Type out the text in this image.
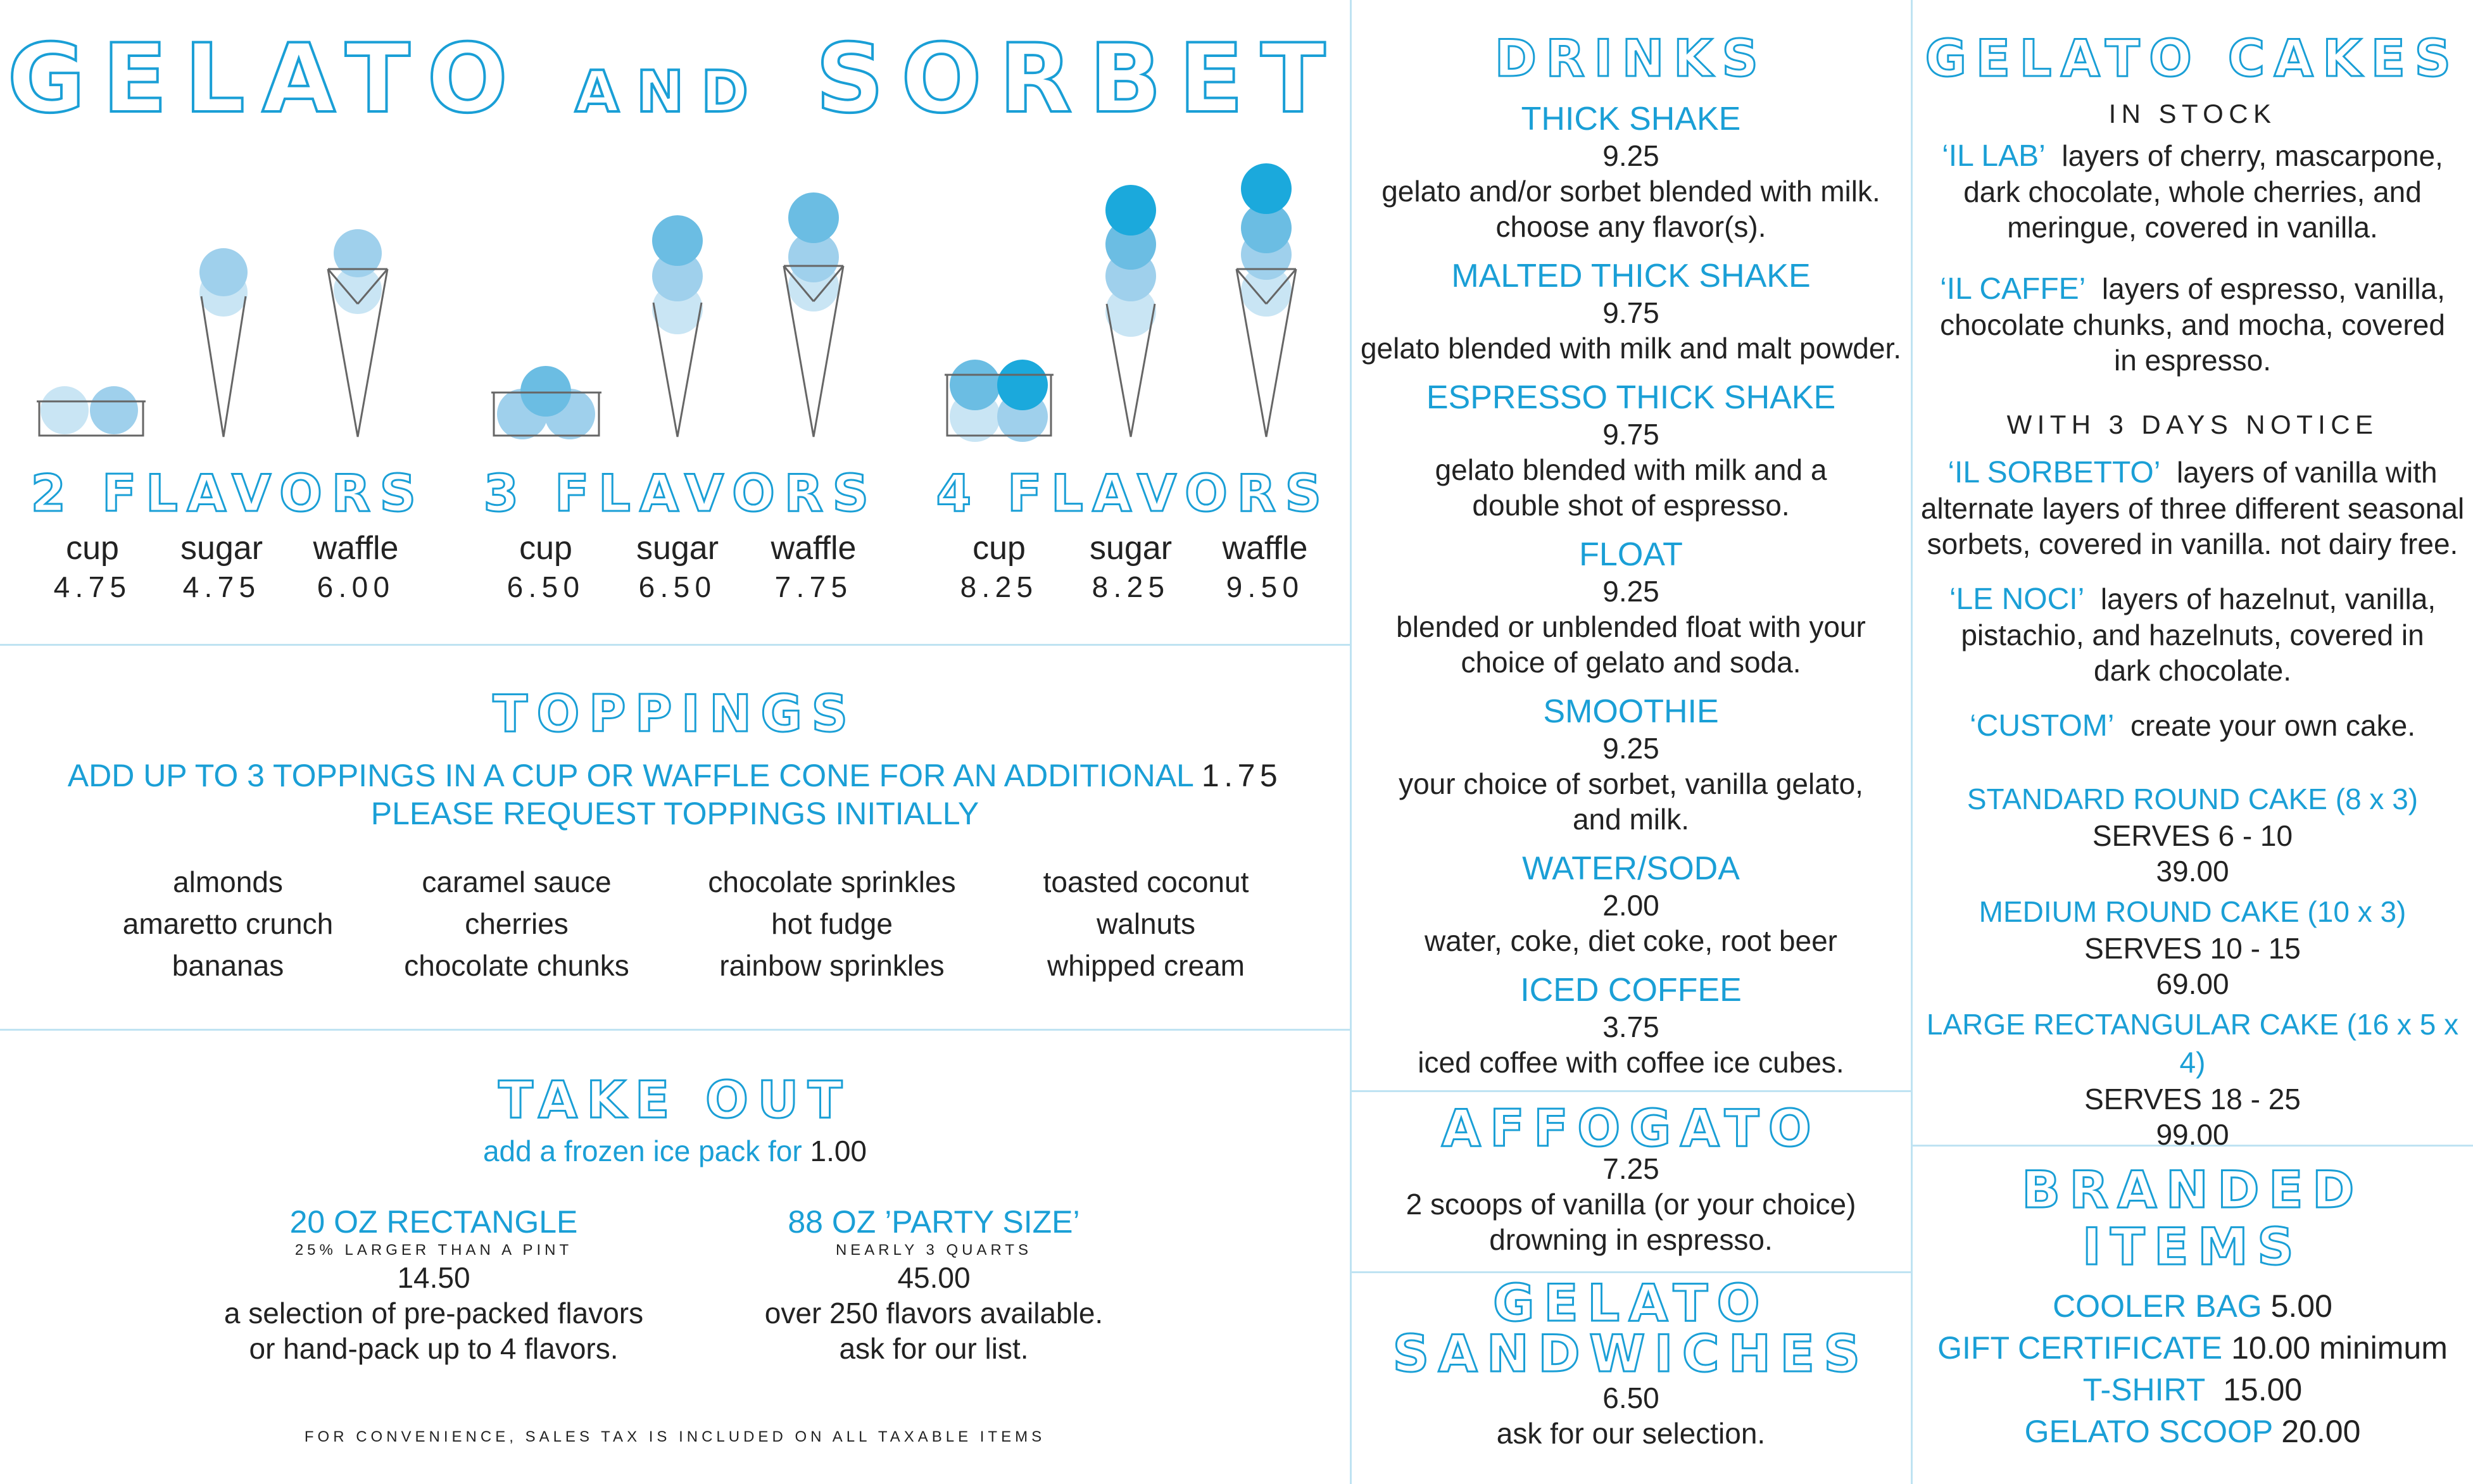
GELATO AND SORBET
2 FLAVORS
cup
4.75
sugar
4.75
waffle
6.00
3 FLAVORS
cup
6.50
sugar
6.50
waffle
7.75
4 FLAVORS
cup
8.25
sugar
8.25
waffle
9.50
TOPPINGS
ADD UP TO 3 TOPPINGS IN A CUP OR WAFFLE CONE FOR AN ADDITIONAL 1.75
PLEASE REQUEST TOPPINGS INITIALLY
almonds
amaretto crunch
bananas
caramel sauce
cherries
chocolate chunks
chocolate sprinkles
hot fudge
rainbow sprinkles
toasted coconut
walnuts
whipped cream
TAKE OUT
add a frozen ice pack for 1.00
20 OZ RECTANGLE
25% LARGER THAN A PINT
14.50
a selection of pre-packed flavors
or hand-pack up to 4 flavors.
88 OZ ’PARTY SIZE’
NEARLY 3 QUARTS
45.00
over 250 flavors available.
ask for our list.
FOR CONVENIENCE, SALES TAX IS INCLUDED ON ALL TAXABLE ITEMS
DRINKS
THICK SHAKE
9.25
gelato and/or sorbet blended with milk.
choose any flavor(s).
MALTED THICK SHAKE
9.75
gelato blended with milk and malt powder.
ESPRESSO THICK SHAKE
9.75
gelato blended with milk and a
double shot of espresso.
FLOAT
9.25
blended or unblended float with your
choice of gelato and soda.
SMOOTHIE
9.25
your choice of sorbet, vanilla gelato,
and milk.
WATER/SODA
2.00
water, coke, diet coke, root beer
ICED COFFEE
3.75
iced coffee with coffee ice cubes.
AFFOGATO
7.25
2 scoops of vanilla (or your choice)
drowning in espresso.
GELATO
SANDWICHES
6.50
ask for our selection.
GELATO CAKES
IN STOCK
‘IL LAB’ layers of cherry, mascarpone,
dark chocolate, whole cherries, and
meringue, covered in vanilla.
‘IL CAFFE’ layers of espresso, vanilla,
chocolate chunks, and mocha, covered
in espresso.
WITH 3 DAYS NOTICE
‘IL SORBETTO’ layers of vanilla with
alternate layers of three different seasonal
sorbets, covered in vanilla. not dairy free.
‘LE NOCI’ layers of hazelnut, vanilla,
pistachio, and hazelnuts, covered in
dark chocolate.
‘CUSTOM’ create your own cake.
STANDARD ROUND CAKE (8 x 3)
SERVES 6 - 10
39.00
MEDIUM ROUND CAKE (10 x 3)
SERVES 10 - 15
69.00
LARGE RECTANGULAR CAKE (16 x 5 x 4)
SERVES 18 - 25
99.00
BRANDED
ITEMS
COOLER BAG 5.00
GIFT CERTIFICATE 10.00 minimum
T-SHIRT 15.00
GELATO SCOOP 20.00
